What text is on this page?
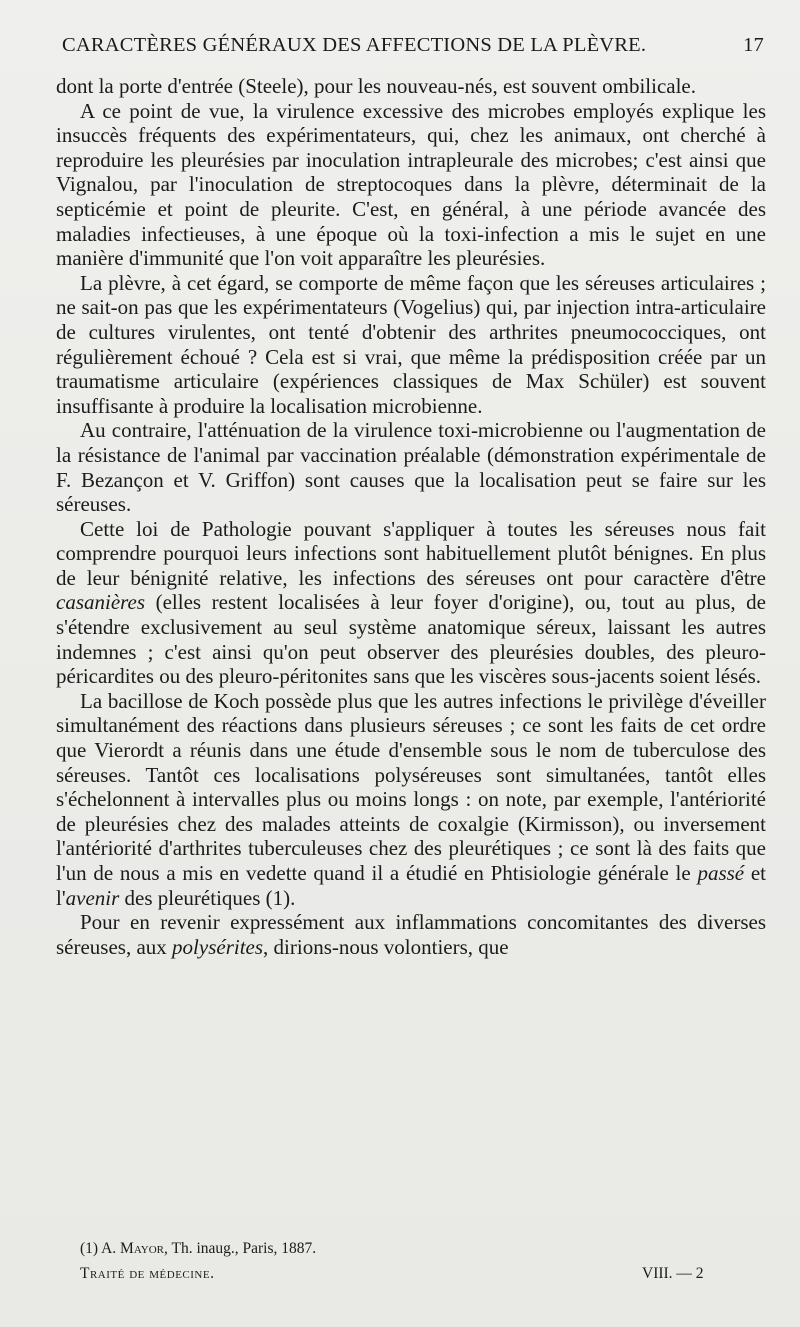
CARACTÈRES GÉNÉRAUX DES AFFECTIONS DE LA PLÈVRE.	17

dont la porte d'entrée (Steele), pour les nouveau-nés, est souvent ombilicale.

A ce point de vue, la virulence excessive des microbes employés explique les insuccès fréquents des expérimentateurs, qui, chez les animaux, ont cherché à reproduire les pleurésies par inoculation intrapleurale des microbes; c'est ainsi que Vignalou, par l'inoculation de streptocoques dans la plèvre, déterminait de la septicémie et point de pleurite. C'est, en général, à une période avancée des maladies infectieuses, à une époque où la toxi-infection a mis le sujet en une manière d'immunité que l'on voit apparaître les pleurésies.

La plèvre, à cet égard, se comporte de même façon que les séreuses articulaires ; ne sait-on pas que les expérimentateurs (Vogelius) qui, par injection intra-articulaire de cultures virulentes, ont tenté d'obtenir des arthrites pneumococciques, ont régulièrement échoué ? Cela est si vrai, que même la prédisposition créée par un traumatisme articulaire (expériences classiques de Max Schüler) est souvent insuffisante à produire la localisation microbienne.

Au contraire, l'atténuation de la virulence toxi-microbienne ou l'augmentation de la résistance de l'animal par vaccination préalable (démonstration expérimentale de F. Bezançon et V. Griffon) sont causes que la localisation peut se faire sur les séreuses.

Cette loi de Pathologie pouvant s'appliquer à toutes les séreuses nous fait comprendre pourquoi leurs infections sont habituellement plutôt bénignes. En plus de leur bénignité relative, les infections des séreuses ont pour caractère d'être casanières (elles restent localisées à leur foyer d'origine), ou, tout au plus, de s'étendre exclusivement au seul système anatomique séreux, laissant les autres indemnes ; c'est ainsi qu'on peut observer des pleurésies doubles, des pleuro-péricardites ou des pleuro-péritonites sans que les viscères sous-jacents soient lésés.

La bacillose de Koch possède plus que les autres infections le privilège d'éveiller simultanément des réactions dans plusieurs séreuses ; ce sont les faits de cet ordre que Vierordt a réunis dans une étude d'ensemble sous le nom de tuberculose des séreuses. Tantôt ces localisations polyséreuses sont simultanées, tantôt elles s'échelonnent à intervalles plus ou moins longs : on note, par exemple, l'antériorité de pleurésies chez des malades atteints de coxalgie (Kirmisson), ou inversement l'antériorité d'arthrites tuberculeuses chez des pleurétiques ; ce sont là des faits que l'un de nous a mis en vedette quand il a étudié en Phtisiologie générale le passé et l'avenir des pleurétiques (1).

Pour en revenir expressément aux inflammations concomitantes des diverses séreuses, aux polysérites, dirions-nous volontiers, que

(1) A. Mayor, Th. inaug., Paris, 1887.
Traité de médecine.	VIII. — 2
